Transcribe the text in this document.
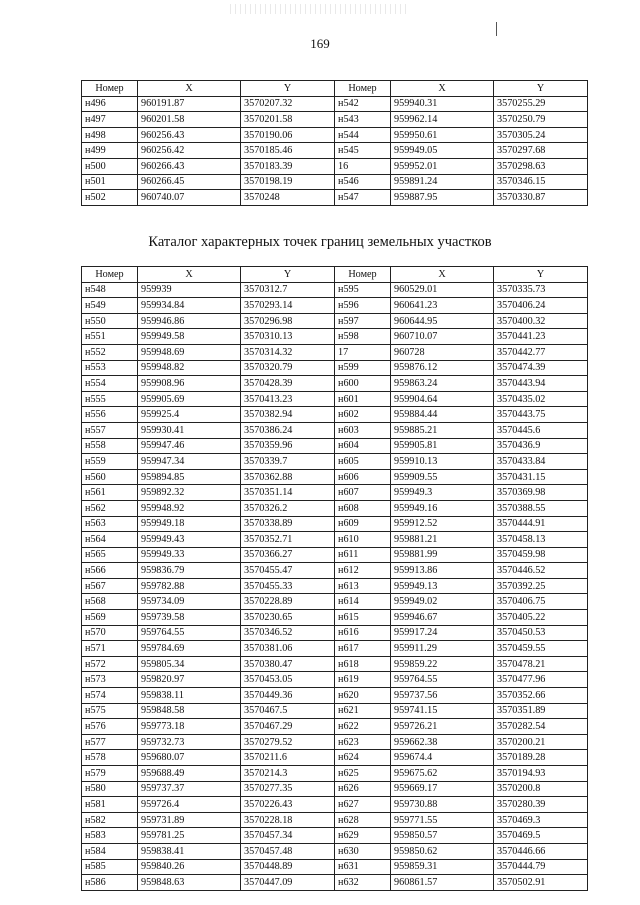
169
Номер	X	Y	Номер	X	Y
н496	960191.87	3570207.32	н542	959940.31	3570255.29
н497	960201.58	3570201.58	н543	959962.14	3570250.79
н498	960256.43	3570190.06	н544	959950.61	3570305.24
н499	960256.42	3570185.46	н545	959949.05	3570297.68
н500	960266.43	3570183.39	16	959952.01	3570298.63
н501	960266.45	3570198.19	н546	959891.24	3570346.15
н502	960740.07	3570248	н547	959887.95	3570330.87
Каталог характерных точек границ земельных участков
Номер	X	Y	Номер	X	Y
н548	959939	3570312.7	н595	960529.01	3570335.73
н549	959934.84	3570293.14	н596	960641.23	3570406.24
н550	959946.86	3570296.98	н597	960644.95	3570400.32
н551	959949.58	3570310.13	н598	960710.07	3570441.23
н552	959948.69	3570314.32	17	960728	3570442.77
н553	959948.82	3570320.79	н599	959876.12	3570474.39
н554	959908.96	3570428.39	н600	959863.24	3570443.94
н555	959905.69	3570413.23	н601	959904.64	3570435.02
н556	959925.4	3570382.94	н602	959884.44	3570443.75
н557	959930.41	3570386.24	н603	959885.21	3570445.6
н558	959947.46	3570359.96	н604	959905.81	3570436.9
н559	959947.34	3570339.7	н605	959910.13	3570433.84
н560	959894.85	3570362.88	н606	959909.55	3570431.15
н561	959892.32	3570351.14	н607	959949.3	3570369.98
н562	959948.92	3570326.2	н608	959949.16	3570388.55
н563	959949.18	3570338.89	н609	959912.52	3570444.91
н564	959949.43	3570352.71	н610	959881.21	3570458.13
н565	959949.33	3570366.27	н611	959881.99	3570459.98
н566	959836.79	3570455.47	н612	959913.86	3570446.52
н567	959782.88	3570455.33	н613	959949.13	3570392.25
н568	959734.09	3570228.89	н614	959949.02	3570406.75
н569	959739.58	3570230.65	н615	959946.67	3570405.22
н570	959764.55	3570346.52	н616	959917.24	3570450.53
н571	959784.69	3570381.06	н617	959911.29	3570459.55
н572	959805.34	3570380.47	н618	959859.22	3570478.21
н573	959820.97	3570453.05	н619	959764.55	3570477.96
н574	959838.11	3570449.36	н620	959737.56	3570352.66
н575	959848.58	3570467.5	н621	959741.15	3570351.89
н576	959773.18	3570467.29	н622	959726.21	3570282.54
н577	959732.73	3570279.52	н623	959662.38	3570200.21
н578	959680.07	3570211.6	н624	959674.4	3570189.28
н579	959688.49	3570214.3	н625	959675.62	3570194.93
н580	959737.37	3570277.35	н626	959669.17	3570200.8
н581	959726.4	3570226.43	н627	959730.88	3570280.39
н582	959731.89	3570228.18	н628	959771.55	3570469.3
н583	959781.25	3570457.34	н629	959850.57	3570469.5
н584	959838.41	3570457.48	н630	959850.62	3570446.66
н585	959840.26	3570448.89	н631	959859.31	3570444.79
н586	959848.63	3570447.09	н632	960861.57	3570502.91
